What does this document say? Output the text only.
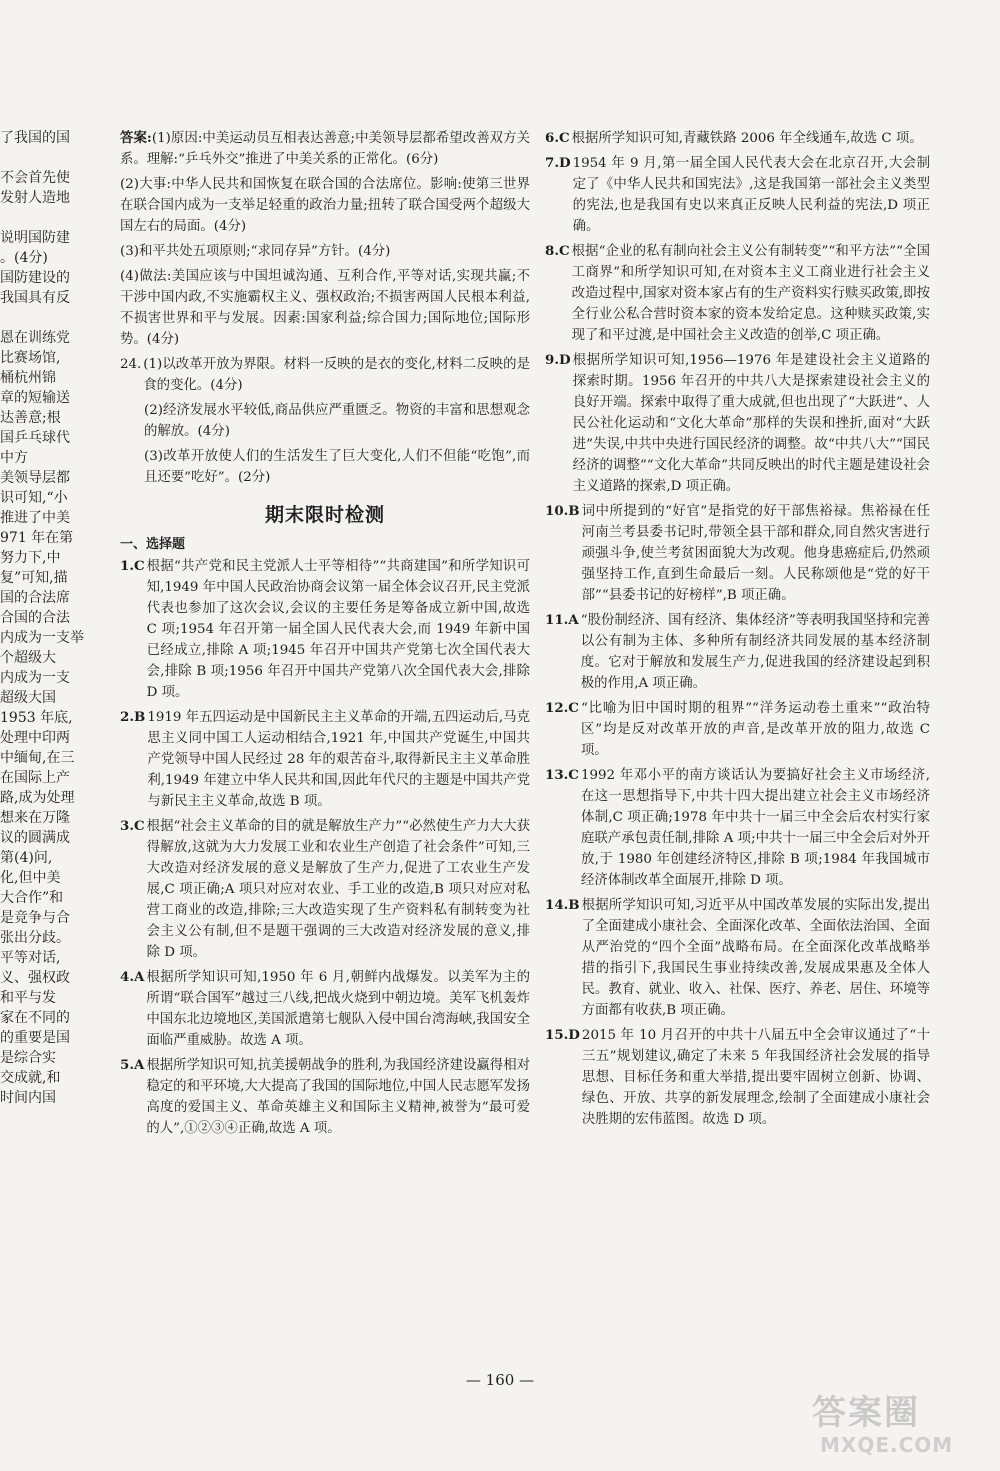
了我国的国
不会首先使
发射人造地
说明国防建
。(4分)
国防建设的
我国具有反
恩在训练党
比赛场馆,
桶杭州锦
章的短输送
达善意;根
国乒乓球代
中方
美领导层都
识可知,“小
推进了中美
971 年在第
努力下,中
复”可知,描
国的合法席
合国的合法
内成为一支举
个超级大
内成为一支
超级大国
1953 年底,
处理中印两
中缅甸,在三
在国际上产
路,成为处理
想来在万隆
议的圆满成
第(4)问,
化,但中美
大合作”和
是竞争与合
张出分歧。
平等对话,
义、强权政
和平与发
家在不同的
的重要是国
是综合实
交成就,和
时间内国

答案:(1)原因:中美运动员互相表达善意;中美领导层都希望改善双方关系。理解:“乒乓外交”推进了中美关系的正常化。(6分)

(2)大事:中华人民共和国恢复在联合国的合法席位。影响:使第三世界在联合国内成为一支举足轻重的政治力量;扭转了联合国受两个超级大国左右的局面。(4分)

(3)和平共处五项原则;“求同存异”方针。(4分)

(4)做法:美国应该与中国坦诚沟通、互利合作,平等对话,实现共赢;不干涉中国内政,不实施霸权主义、强权政治;不损害两国人民根本利益,不损害世界和平与发展。因素:国家利益;综合国力;国际地位;国际形势。(4分)

24. (1)以改革开放为界限。材料一反映的是衣的变化,材料二反映的是食的变化。(4分)
(2)经济发展水平较低,商品供应严重匮乏。物资的丰富和思想观念的解放。(4分)
(3)改革开放使人们的生活发生了巨大变化,人们不但能“吃饱”,而且还要“吃好”。(2分)
期末限时检测
一、选择题
1.C 根据“共产党和民主党派人士平等相待”“共商建国”和所学知识可知,1949 年中国人民政治协商会议第一届全体会议召开,民主党派代表也参加了这次会议,会议的主要任务是筹备成立新中国,故选 C 项;1954 年召开第一届全国人民代表大会,而 1949 年新中国已经成立,排除 A 项;1945 年召开中国共产党第七次全国代表大会,排除 B 项;1956 年召开中国共产党第八次全国代表大会,排除 D 项。
2.B 1919 年五四运动是中国新民主主义革命的开端,五四运动后,马克思主义同中国工人运动相结合,1921 年,中国共产党诞生,中国共产党领导中国人民经过 28 年的艰苦奋斗,取得新民主主义革命胜利,1949 年建立中华人民共和国,因此年代尺的主题是中国共产党与新民主主义革命,故选 B 项。
3.C 根据“社会主义革命的目的就是解放生产力”“必然使生产力大大获得解放,这就为大力发展工业和农业生产创造了社会条件”可知,三大改造对经济发展的意义是解放了生产力,促进了工农业生产发展,C 项正确;A 项只对应对农业、手工业的改造,B 项只对应对私营工商业的改造,排除;三大改造实现了生产资料私有制转变为社会主义公有制,但不是题干强调的三大改造对经济发展的意义,排除 D 项。
4.A 根据所学知识可知,1950 年 6 月,朝鲜内战爆发。以美军为主的所谓“联合国军”越过三八线,把战火烧到中朝边境。美军飞机轰炸中国东北边境地区,美国派遣第七舰队入侵中国台湾海峡,我国安全面临严重威胁。故选 A 项。
5.A 根据所学知识可知,抗美援朝战争的胜利,为我国经济建设赢得相对稳定的和平环境,大大提高了我国的国际地位,中国人民志愿军发扬高度的爱国主义、革命英雄主义和国际主义精神,被誉为“最可爱的人”,①②③④正确,故选 A 项。
6.C 根据所学知识可知,青藏铁路 2006 年全线通车,故选 C 项。
7.D 1954 年 9 月,第一届全国人民代表大会在北京召开,大会制定了《中华人民共和国宪法》,这是我国第一部社会主义类型的宪法,也是我国有史以来真正反映人民利益的宪法,D 项正确。
8.C 根据“企业的私有制向社会主义公有制转变”“和平方法”“全国工商界”和所学知识可知,在对资本主义工商业进行社会主义改造过程中,国家对资本家占有的生产资料实行赎买政策,即按全行业公私合营时资本家的资本发给定息。这种赎买政策,实现了和平过渡,是中国社会主义改造的创举,C 项正确。
9.D 根据所学知识可知,1956—1976 年是建设社会主义道路的探索时期。1956 年召开的中共八大是探索建设社会主义的良好开端。探索中取得了重大成就,但也出现了“大跃进”、人民公社化运动和“文化大革命”那样的失误和挫折,面对“大跃进”失误,中共中央进行国民经济的调整。故“中共八大”“国民经济的调整”“文化大革命”共同反映出的时代主题是建设社会主义道路的探索,D 项正确。
10.B 词中所提到的“好官”是指党的好干部焦裕禄。焦裕禄在任河南兰考县委书记时,带领全县干部和群众,同自然灾害进行顽强斗争,使兰考贫困面貌大为改观。他身患癌症后,仍然顽强坚持工作,直到生命最后一刻。人民称颂他是“党的好干部”“县委书记的好榜样”,B 项正确。
11.A “股份制经济、国有经济、集体经济”等表明我国坚持和完善以公有制为主体、多种所有制经济共同发展的基本经济制度。它对于解放和发展生产力,促进我国的经济建设起到积极的作用,A 项正确。
12.C “比喻为旧中国时期的租界”“洋务运动卷土重来”“政治特区”均是反对改革开放的声音,是改革开放的阻力,故选 C 项。
13.C 1992 年邓小平的南方谈话认为要搞好社会主义市场经济,在这一思想指导下,中共十四大提出建立社会主义市场经济体制,C 项正确;1978 年中共十一届三中全会后农村实行家庭联产承包责任制,排除 A 项;中共十一届三中全会后对外开放,于 1980 年创建经济特区,排除 B 项;1984 年我国城市经济体制改革全面展开,排除 D 项。
14.B 根据所学知识可知,习近平从中国改革发展的实际出发,提出了全面建成小康社会、全面深化改革、全面依法治国、全面从严治党的“四个全面”战略布局。在全面深化改革战略举措的指引下,我国民生事业持续改善,发展成果惠及全体人民。教育、就业、收入、社保、医疗、养老、居住、环境等方面都有收获,B 项正确。
15.D 2015 年 10 月召开的中共十八届五中全会审议通过了“十三五”规划建议,确定了未来 5 年我国经济社会发展的指导思想、目标任务和重大举措,提出要牢固树立创新、协调、绿色、开放、共享的新发展理念,绘制了全面建成小康社会决胜期的宏伟蓝图。故选 D 项。
— 160 —
答案圈
MXQE.COM
